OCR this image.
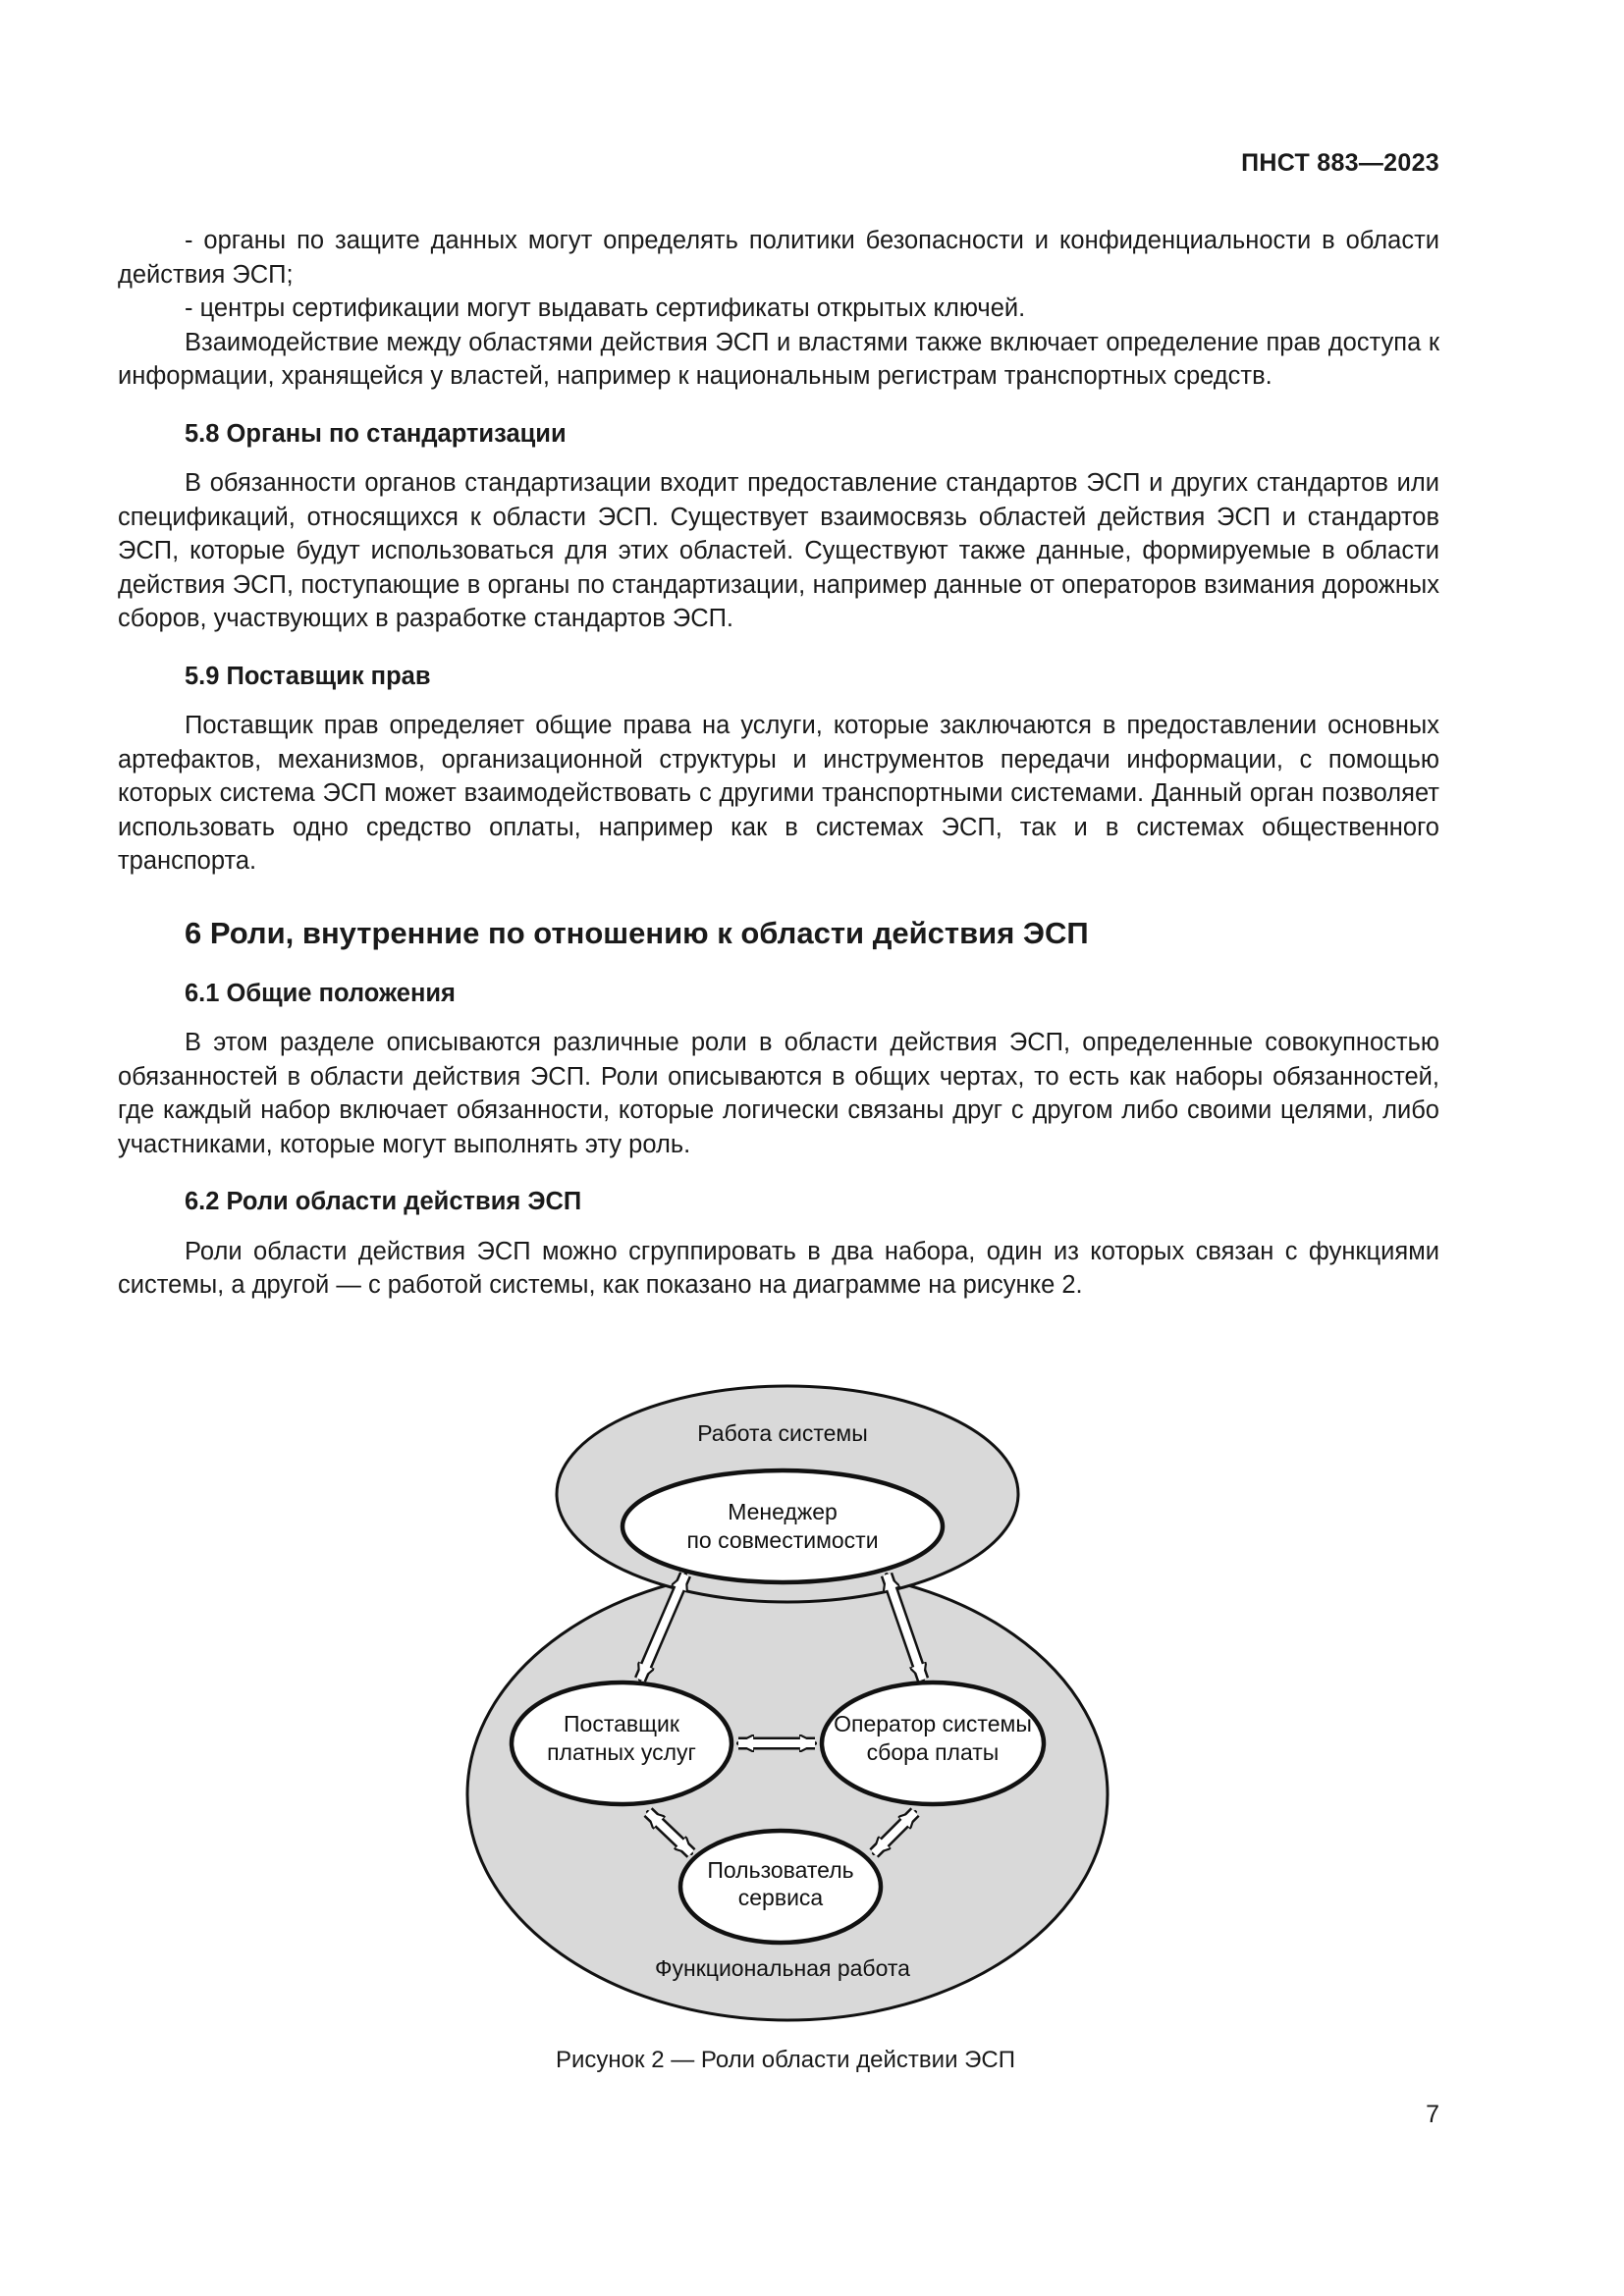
ПНСТ 883—2023

- органы по защите данных могут определять политики безопасности и конфиденциальности в области действия ЭСП;

- центры сертификации могут выдавать сертификаты открытых ключей.

Взаимодействие между областями действия ЭСП и властями также включает определение прав доступа к информации, хранящейся у властей, например к национальным регистрам транспортных средств.

5.8 Органы по стандартизации

В обязанности органов стандартизации входит предоставление стандартов ЭСП и других стандартов или спецификаций, относящихся к области ЭСП. Существует взаимосвязь областей действия ЭСП и стандартов ЭСП, которые будут использоваться для этих областей. Существуют также данные, формируемые в области действия ЭСП, поступающие в органы по стандартизации, например данные от операторов взимания дорожных сборов, участвующих в разработке стандартов ЭСП.

5.9 Поставщик прав

Поставщик прав определяет общие права на услуги, которые заключаются в предоставлении основных артефактов, механизмов, организационной структуры и инструментов передачи информации, с помощью которых система ЭСП может взаимодействовать с другими транспортными системами. Данный орган позволяет использовать одно средство оплаты, например как в системах ЭСП, так и в системах общественного транспорта.

6 Роли, внутренние по отношению к области действия ЭСП

6.1 Общие положения

В этом разделе описываются различные роли в области действия ЭСП, определенные совокупностью обязанностей в области действия ЭСП. Роли описываются в общих чертах, то есть как наборы обязанностей, где каждый набор включает обязанности, которые логически связаны друг с другом либо своими целями, либо участниками, которые могут выполнять эту роль.

6.2 Роли области действия ЭСП

Роли области действия ЭСП можно сгруппировать в два набора, один из которых связан с функциями системы, а другой — с работой системы, как показано на диаграмме на рисунке 2.

Работа системы
Функциональная работа
Менеджер
по совместимости
Поставщик
платных услуг
Оператор системы
сбора платы
Пользователь
сервиса
Рисунок 2 — Роли области действии ЭСП
7
